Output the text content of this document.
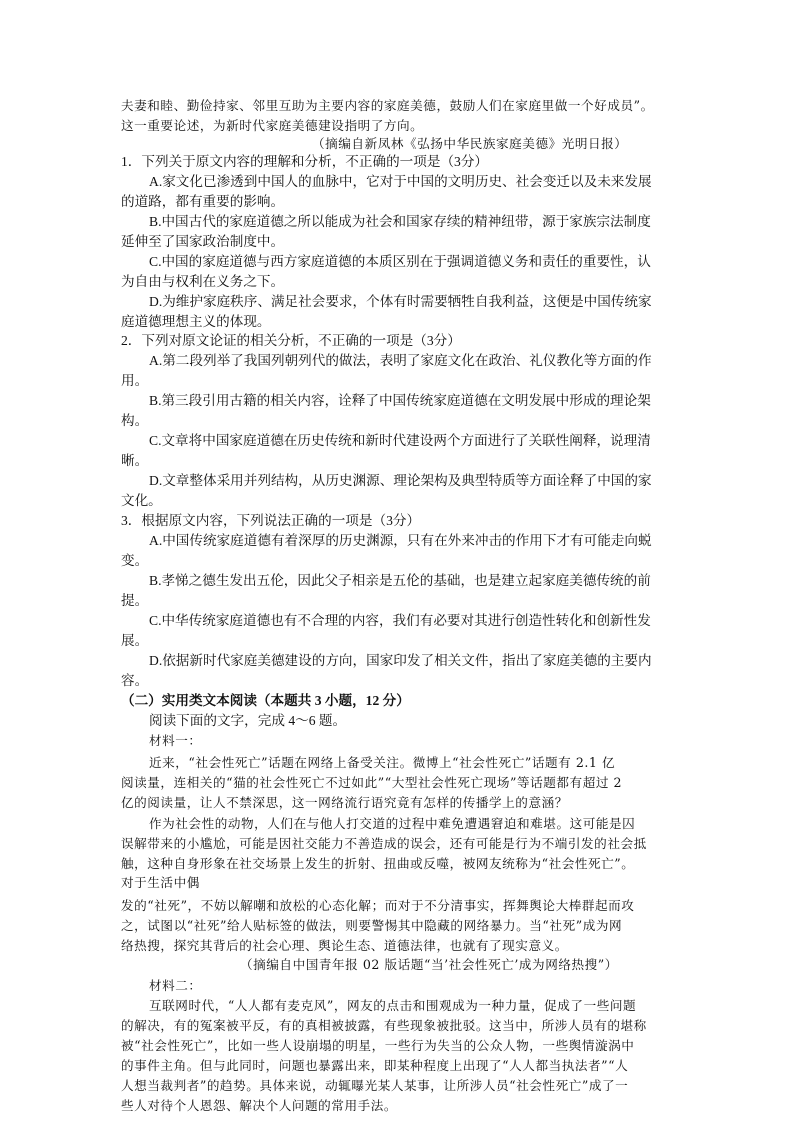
夫妻和睦、勤俭持家、邻里互助为主要内容的家庭美德，鼓励人们在家庭里做一个好成员”。
这一重要论述，为新时代家庭美德建设指明了方向。
（摘编自新凤林《弘扬中华民族家庭美德》光明日报）
1．下列关于原文内容的理解和分析，不正确的一项是（3分）
A.家文化已渗透到中国人的血脉中，它对于中国的文明历史、社会变迁以及未来发展
的道路，都有重要的影响。
B.中国古代的家庭道德之所以能成为社会和国家存续的精神纽带，源于家族宗法制度
延伸至了国家政治制度中。
C.中国的家庭道德与西方家庭道德的本质区别在于强调道德义务和责任的重要性，认
为自由与权利在义务之下。
D.为维护家庭秩序、满足社会要求，个体有时需要牺牲自我利益，这便是中国传统家
庭道德理想主义的体现。
2．下列对原文论证的相关分析，不正确的一项是（3分）
A.第二段列举了我国列朝列代的做法，表明了家庭文化在政治、礼仪教化等方面的作
用。
B.第三段引用古籍的相关内容，诠释了中国传统家庭道德在文明发展中形成的理论架
构。
C.文章将中国家庭道德在历史传统和新时代建设两个方面进行了关联性阐释，说理清
晰。
D.文章整体采用并列结构，从历史渊源、理论架构及典型特质等方面诠释了中国的家
文化。
3．根据原文内容，下列说法正确的一项是（3分）
A.中国传统家庭道德有着深厚的历史渊源，只有在外来冲击的作用下才有可能走向蜕
变。
B.孝悌之德生发出五伦，因此父子相亲是五伦的基础，也是建立起家庭美德传统的前
提。
C.中华传统家庭道德也有不合理的内容，我们有必要对其进行创造性转化和创新性发
展。
D.依据新时代家庭美德建设的方向，国家印发了相关文件，指出了家庭美德的主要内
容。
（二）实用类文本阅读（本题共 3 小题，12 分）
阅读下面的文字，完成 4～6 题。
材料一：
近来，“社会性死亡”话题在网络上备受关注。微博上“社会性死亡”话题有 2.1 亿
阅读量，连相关的“猫的社会性死亡不过如此”“大型社会性死亡现场”等话题都有超过 2
亿的阅读量，让人不禁深思，这一网络流行语究竟有怎样的传播学上的意涵？
作为社会性的动物，人们在与他人打交道的过程中难免遭遇窘迫和难堪。这可能是囚
误解带来的小尴尬，可能是因社交能力不善造成的误会，还有可能是行为不端引发的社会抵
触，这种自身形象在社交场景上发生的折射、扭曲或反噬，被网友统称为“社会性死亡”。
对于生活中偶
发的“社死”，不妨以解嘲和放松的心态化解；而对于不分清事实，挥舞舆论大棒群起而攻
之，试图以“社死”给人贴标签的做法，则要警惕其中隐藏的网络暴力。当“社死”成为网
络热搜，探究其背后的社会心理、舆论生态、道德法律，也就有了现实意义。
（摘编自中国青年报 02 版话题“当’社会性死亡’成为网络热搜”）
材料二：
互联网时代，“人人都有麦克风”，网友的点击和围观成为一种力量，促成了一些问题
的解决，有的冤案被平反，有的真相被披露，有些现象被批驳。这当中，所涉人员有的堪称
被“社会性死亡”，比如一些人设崩塌的明星，一些行为失当的公众人物，一些舆情漩涡中
的事件主角。但与此同时，问题也暴露出来，即某种程度上出现了“人人都当执法者”“人
人想当裁判者”的趋势。具体来说，动辄曝光某人某事，让所涉人员“社会性死亡”成了一
些人对待个人恩怨、解决个人问题的常用手法。
